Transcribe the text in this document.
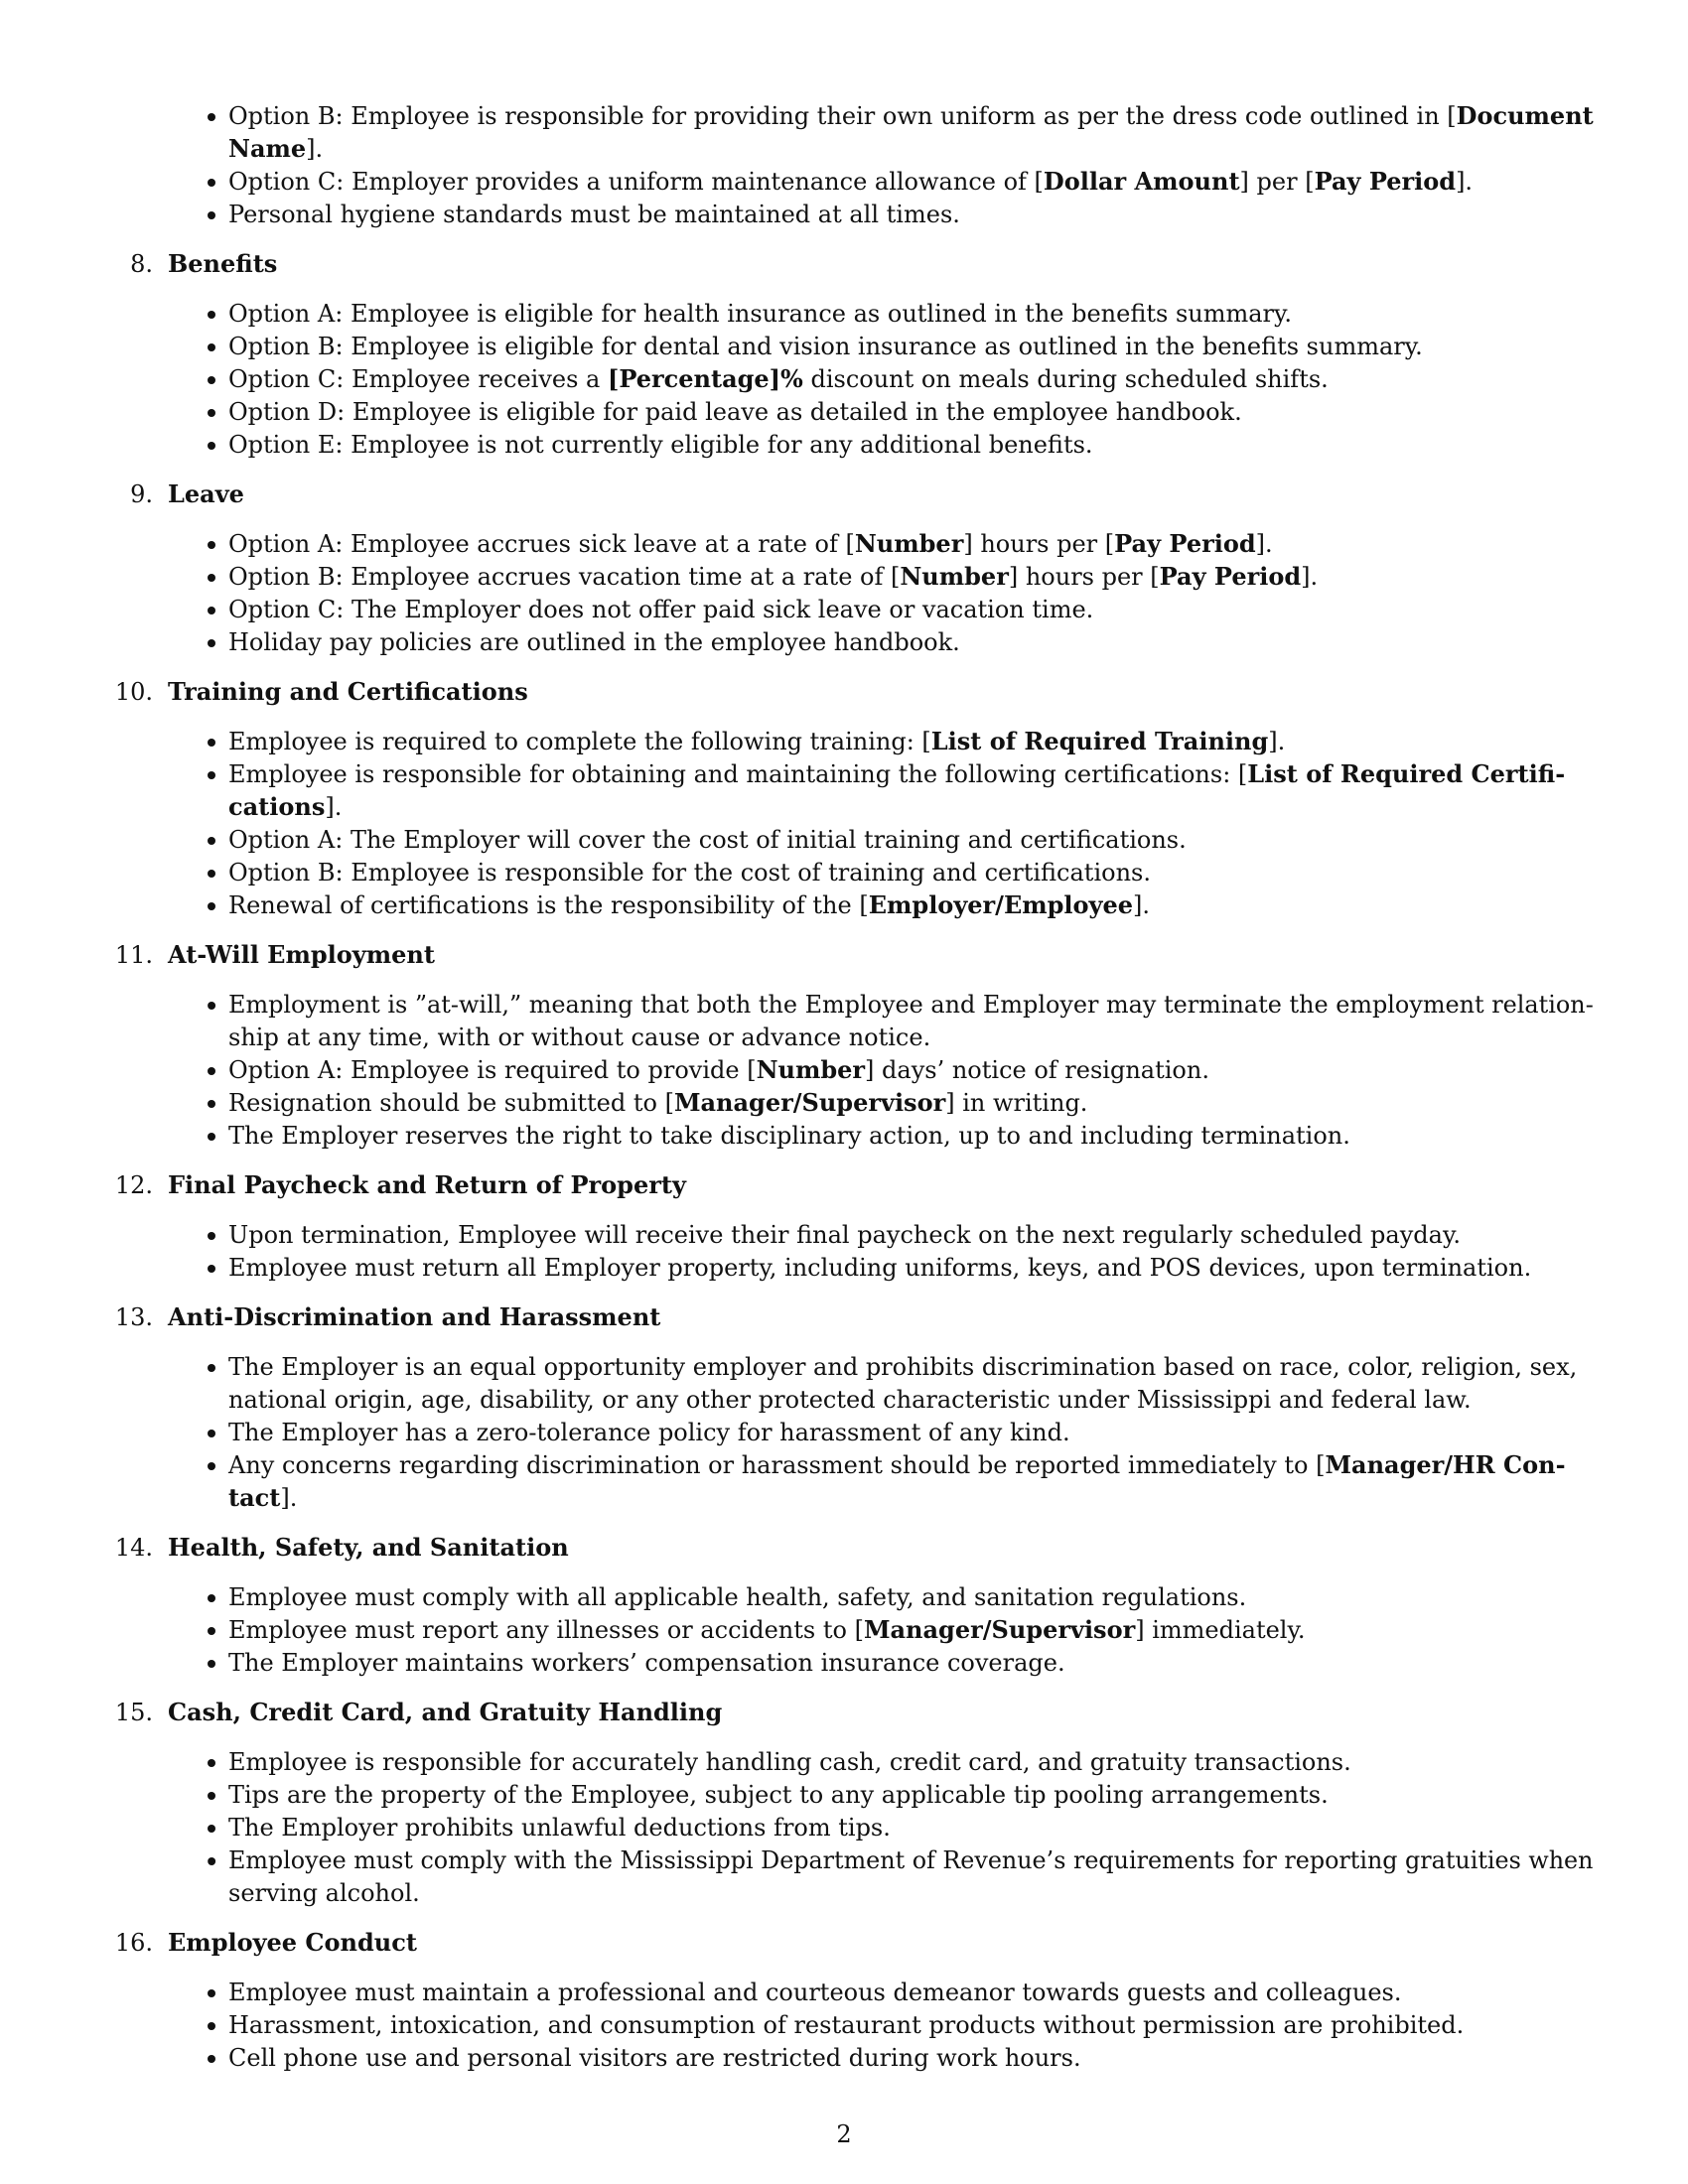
Option B: Employee is responsible for providing their own uniform as per the dress code outlined in [Document
Name].
Option C: Employer provides a uniform maintenance allowance of [Dollar Amount] per [Pay Period].
Personal hygiene standards must be maintained at all times.
8. Benefits
Option A: Employee is eligible for health insurance as outlined in the benefits summary.
Option B: Employee is eligible for dental and vision insurance as outlined in the benefits summary.
Option C: Employee receives a [Percentage]% discount on meals during scheduled shifts.
Option D: Employee is eligible for paid leave as detailed in the employee handbook.
Option E: Employee is not currently eligible for any additional benefits.
9. Leave
Option A: Employee accrues sick leave at a rate of [Number] hours per [Pay Period].
Option B: Employee accrues vacation time at a rate of [Number] hours per [Pay Period].
Option C: The Employer does not offer paid sick leave or vacation time.
Holiday pay policies are outlined in the employee handbook.
10. Training and Certifications
Employee is required to complete the following training: [List of Required Training].
Employee is responsible for obtaining and maintaining the following certifications: [List of Required Certifi-
cations].
Option A: The Employer will cover the cost of initial training and certifications.
Option B: Employee is responsible for the cost of training and certifications.
Renewal of certifications is the responsibility of the [Employer/Employee].
11. At-Will Employment
Employment is ”at-will,” meaning that both the Employee and Employer may terminate the employment relation-
ship at any time, with or without cause or advance notice.
Option A: Employee is required to provide [Number] days’ notice of resignation.
Resignation should be submitted to [Manager/Supervisor] in writing.
The Employer reserves the right to take disciplinary action, up to and including termination.
12. Final Paycheck and Return of Property
Upon termination, Employee will receive their final paycheck on the next regularly scheduled payday.
Employee must return all Employer property, including uniforms, keys, and POS devices, upon termination.
13. Anti-Discrimination and Harassment
The Employer is an equal opportunity employer and prohibits discrimination based on race, color, religion, sex,
national origin, age, disability, or any other protected characteristic under Mississippi and federal law.
The Employer has a zero-tolerance policy for harassment of any kind.
Any concerns regarding discrimination or harassment should be reported immediately to [Manager/HR Con-
tact].
14. Health, Safety, and Sanitation
Employee must comply with all applicable health, safety, and sanitation regulations.
Employee must report any illnesses or accidents to [Manager/Supervisor] immediately.
The Employer maintains workers’ compensation insurance coverage.
15. Cash, Credit Card, and Gratuity Handling
Employee is responsible for accurately handling cash, credit card, and gratuity transactions.
Tips are the property of the Employee, subject to any applicable tip pooling arrangements.
The Employer prohibits unlawful deductions from tips.
Employee must comply with the Mississippi Department of Revenue’s requirements for reporting gratuities when
serving alcohol.
16. Employee Conduct
Employee must maintain a professional and courteous demeanor towards guests and colleagues.
Harassment, intoxication, and consumption of restaurant products without permission are prohibited.
Cell phone use and personal visitors are restricted during work hours.
2
